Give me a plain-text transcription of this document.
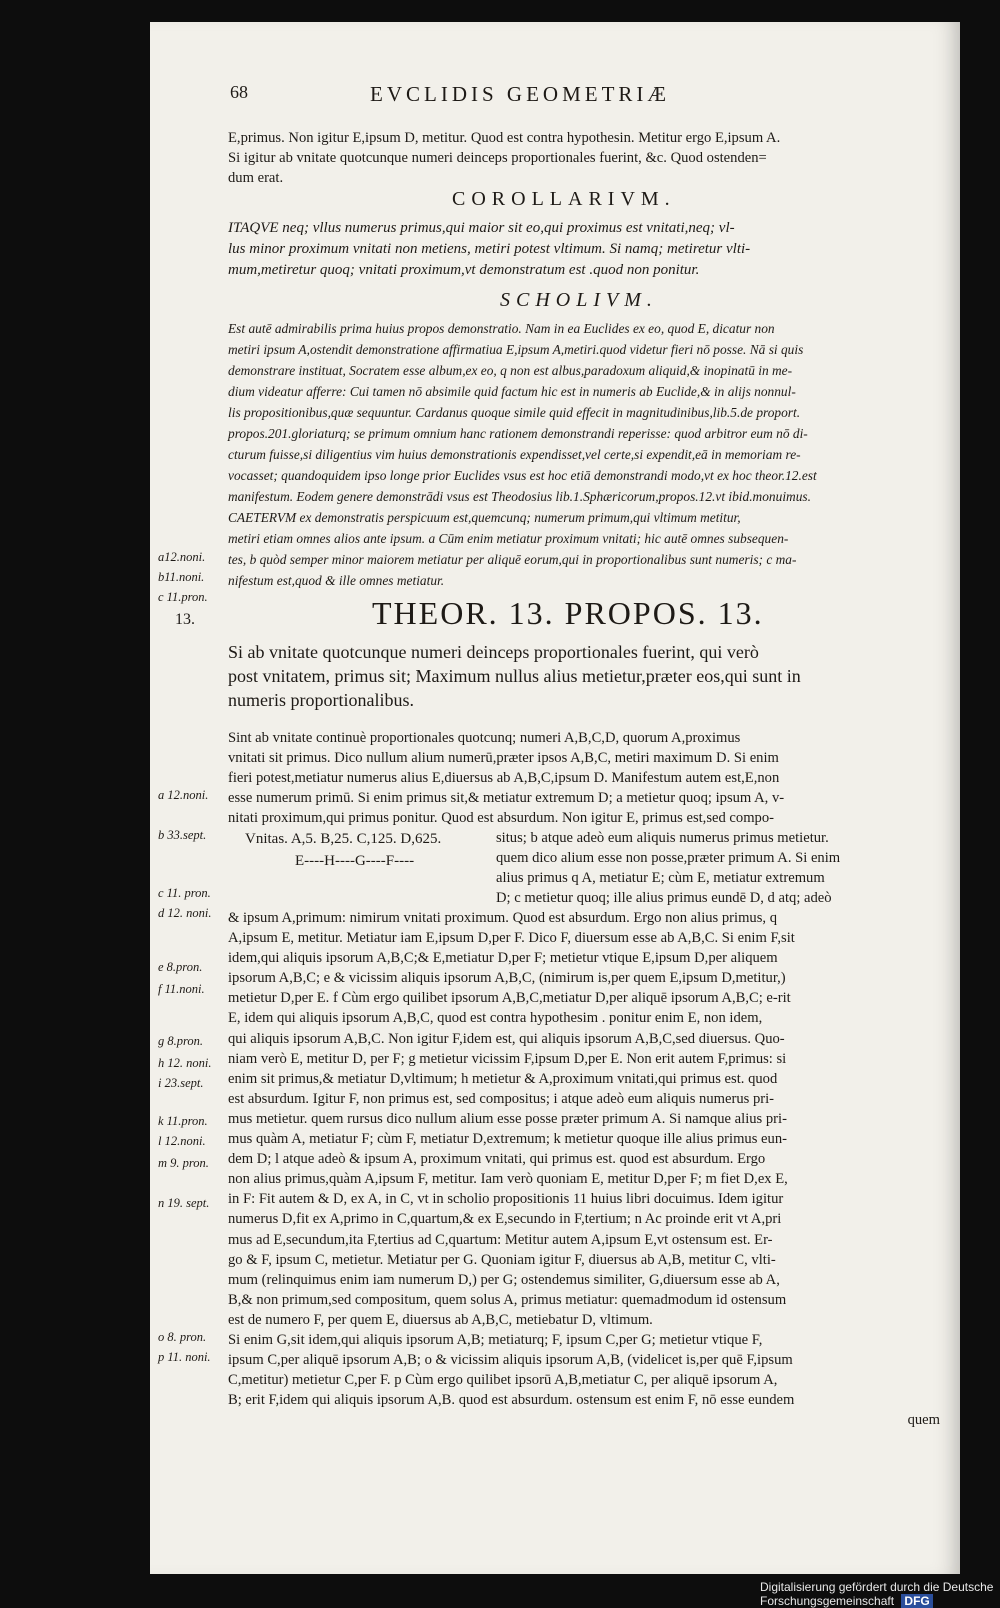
68	EVCLIDIS GEOMETRIÆ

E,primus. Non igitur E,ipsum D, metitur. Quod est contra hypothesin. Metitur ergo E,ipsum A.

Si igitur ab vnitate quotcunque numeri deinceps proportionales fuerint, &c. Quod ostenden=

dum erat.

COROLLARIVM.

ITAQVE neq; vllus numerus primus,qui maior sit eo,qui proximus est vnitati,neq; vl-

lus minor proximum vnitati non metiens, metiri potest vltimum. Si namq; metiretur vlti-

mum,metiretur quoq; vnitati proximum,vt demonstratum est .quod non ponitur.

SCHOLIVM.

Est autē admirabilis prima huius propos demonstratio. Nam in ea Euclides ex eo, quod E, dicatur non

metiri ipsum A,ostendit demonstratione affirmatiua E,ipsum A,metiri.quod videtur fieri nō posse. Nā si quis

demonstrare instituat, Socratem esse album,ex eo, q non est albus,paradoxum aliquid,& inopinatū in me-

dium videatur afferre: Cui tamen nō absimile quid factum hic est in numeris ab Euclide,& in alijs nonnul-

lis propositionibus,quæ sequuntur. Cardanus quoque simile quid effecit in magnitudinibus,lib.5.de proport.

propos.201.gloriaturq; se primum omnium hanc rationem demonstrandi reperisse: quod arbitror eum nō di-

cturum fuisse,si diligentius vim huius demonstrationis expendisset,vel certe,si expendit,eā in memoriam re-

vocasset; quandoquidem ipso longe prior Euclides vsus est hoc etiā demonstrandi modo,vt ex hoc theor.12.est

manifestum. Eodem genere demonstrādi vsus est Theodosius lib.1.Sphæricorum,propos.12.vt ibid.monuimus.

CAETERVM ex demonstratis perspicuum est,quemcunq; numerum primum,qui vltimum metitur,

metiri etiam omnes alios ante ipsum. a Cūm enim metiatur proximum vnitati; hic autē omnes subsequen-

tes, b quòd semper minor maiorem metiatur per aliquē eorum,qui in proportionalibus sunt numeris; c ma-

nifestum est,quod & ille omnes metiatur.

a12.noni.
b11.noni.
c 11.pron.
13.	THEOR. 13. PROPOS. 13.

Si ab vnitate quotcunque numeri deinceps proportionales fuerint, qui verò

post vnitatem, primus sit; Maximum nullus alius metietur,præter eos,qui sunt in

numeris proportionalibus.

Sint ab vnitate continuè proportionales quotcunq; numeri A,B,C,D, quorum A,proximus

vnitati sit primus. Dico nullum alium numerū,præter ipsos A,B,C, metiri maximum D. Si enim

fieri potest,metiatur numerus alius E,diuersus ab A,B,C,ipsum D. Manifestum autem est,E,non

esse numerum primū. Si enim primus sit,& metiatur extremum D; a metietur quoq; ipsum A, v-

nitati proximum,qui primus ponitur. Quod est absurdum. Non igitur E, primus est,sed compo-

Vnitas. A,5. B,25. C,125. D,625.
E----H----G----F----

situs; b atque adeò eum aliquis numerus primus metietur.

quem dico alium esse non posse,præter primum A. Si enim

alius primus q A, metiatur E; cùm E, metiatur extremum

D; c metietur quoq; ille alius primus eundē D, d atq; adeò

& ipsum A,primum: nimirum vnitati proximum. Quod est absurdum. Ergo non alius primus, q

A,ipsum E, metitur. Metiatur iam E,ipsum D,per F. Dico F, diuersum esse ab A,B,C. Si enim F,sit

idem,qui aliquis ipsorum A,B,C;& E,metiatur D,per F; metietur vtique E,ipsum D,per aliquem

ipsorum A,B,C; e & vicissim aliquis ipsorum A,B,C, (nimirum is,per quem E,ipsum D,metitur,)

metietur D,per E. f Cùm ergo quilibet ipsorum A,B,C,metiatur D,per aliquē ipsorum A,B,C; e-rit

E, idem qui aliquis ipsorum A,B,C, quod est contra hypothesim . ponitur enim E, non idem,

qui aliquis ipsorum A,B,C. Non igitur F,idem est, qui aliquis ipsorum A,B,C,sed diuersus. Quo-

niam verò E, metitur D, per F; g metietur vicissim F,ipsum D,per E. Non erit autem F,primus: si

enim sit primus,& metiatur D,vltimum; h metietur & A,proximum vnitati,qui primus est. quod

est absurdum. Igitur F, non primus est, sed compositus; i atque adeò eum aliquis numerus pri-

mus metietur. quem rursus dico nullum alium esse posse præter primum A. Si namque alius pri-

mus quàm A, metiatur F; cùm F, metiatur D,extremum; k metietur quoque ille alius primus eun-

dem D; l atque adeò & ipsum A, proximum vnitati, qui primus est. quod est absurdum. Ergo

non alius primus,quàm A,ipsum F, metitur. Iam verò quoniam E, metitur D,per F; m fiet D,ex E,

in F: Fit autem & D, ex A, in C, vt in scholio propositionis 11 huius libri docuimus. Idem igitur

numerus D,fit ex A,primo in C,quartum,& ex E,secundo in F,tertium; n Ac proinde erit vt A,pri

mus ad E,secundum,ita F,tertius ad C,quartum: Metitur autem A,ipsum E,vt ostensum est. Er-

go & F, ipsum C, metietur. Metiatur per G. Quoniam igitur F, diuersus ab A,B, metitur C, vlti-

mum (relinquimus enim iam numerum D,) per G; ostendemus similiter, G,diuersum esse ab A,

B,& non primum,sed compositum, quem solus A, primus metiatur: quemadmodum id ostensum

est de numero F, per quem E, diuersus ab A,B,C, metiebatur D, vltimum.

Si enim G,sit idem,qui aliquis ipsorum A,B; metiaturq; F, ipsum C,per G; metietur vtique F,

ipsum C,per aliquē ipsorum A,B; o & vicissim aliquis ipsorum A,B, (videlicet is,per quē F,ipsum

C,metitur) metietur C,per F. p Cùm ergo quilibet ipsorū A,B,metiatur C, per aliquē ipsorum A,

B; erit F,idem qui aliquis ipsorum A,B. quod est absurdum. ostensum est enim F, nō esse eundem

quem

a 12.noni.
b 33.sept.
c 11. pron.
d 12. noni.
e 8.pron.
f 11.noni.
g 8.pron.
h 12. noni.
i 23.sept.
k 11.pron.
l 12.noni.
m 9. pron.
n 19. sept.
o 8. pron.
p 11. noni.
Digitalisierung gefördert durch die Deutsche Forschungsgemeinschaft DFG
